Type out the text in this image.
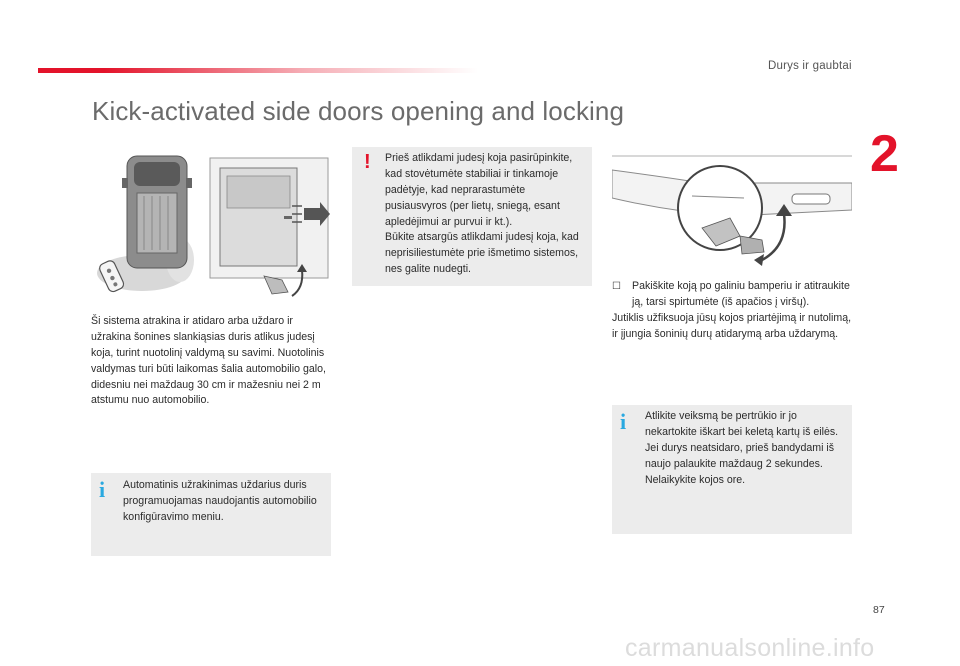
Durys ir gaubtai
2
Kick-activated side doors opening and locking
Ši sistema atrakina ir atidaro arba uždaro ir užrakina šonines slankiąsias duris atlikus judesį koja, turint nuotolinį valdymą su savimi. Nuotolinis valdymas turi būti laikomas šalia automobilio galo, didesniu nei maždaug 30 cm ir mažesniu nei 2 m atstumu nuo automobilio.
i Automatinis užrakinimas uždarius duris programuojamas naudojantis automobilio konfigūravimo meniu.
! Prieš atlikdami judesį koja pasirūpinkite, kad stovėtumėte stabiliai ir tinkamoje padėtyje, kad neprarastumėte pusiausvyros (per lietų, sniegą, esant apledėjimui ar purvui ir kt.).

Būkite atsargūs atlikdami judesį koja, kad neprisiliestumėte prie išmetimo sistemos, nes galite nudegti.

☐ Pakiškite koją po galiniu bamperiu ir atitraukite ją, tarsi spirtumėte (iš apačios į viršų).

Jutiklis užfiksuoja jūsų kojos priartėjimą ir nutolimą, ir įjungia šoninių durų atidarymą arba uždarymą.

i Atlikite veiksmą be pertrūkio ir jo nekartokite iškart bei keletą kartų iš eilės.

Jei durys neatsidaro, prieš bandydami iš naujo palaukite maždaug 2 sekundes. Nelaikykite kojos ore.

87
carmanualsonline.info
